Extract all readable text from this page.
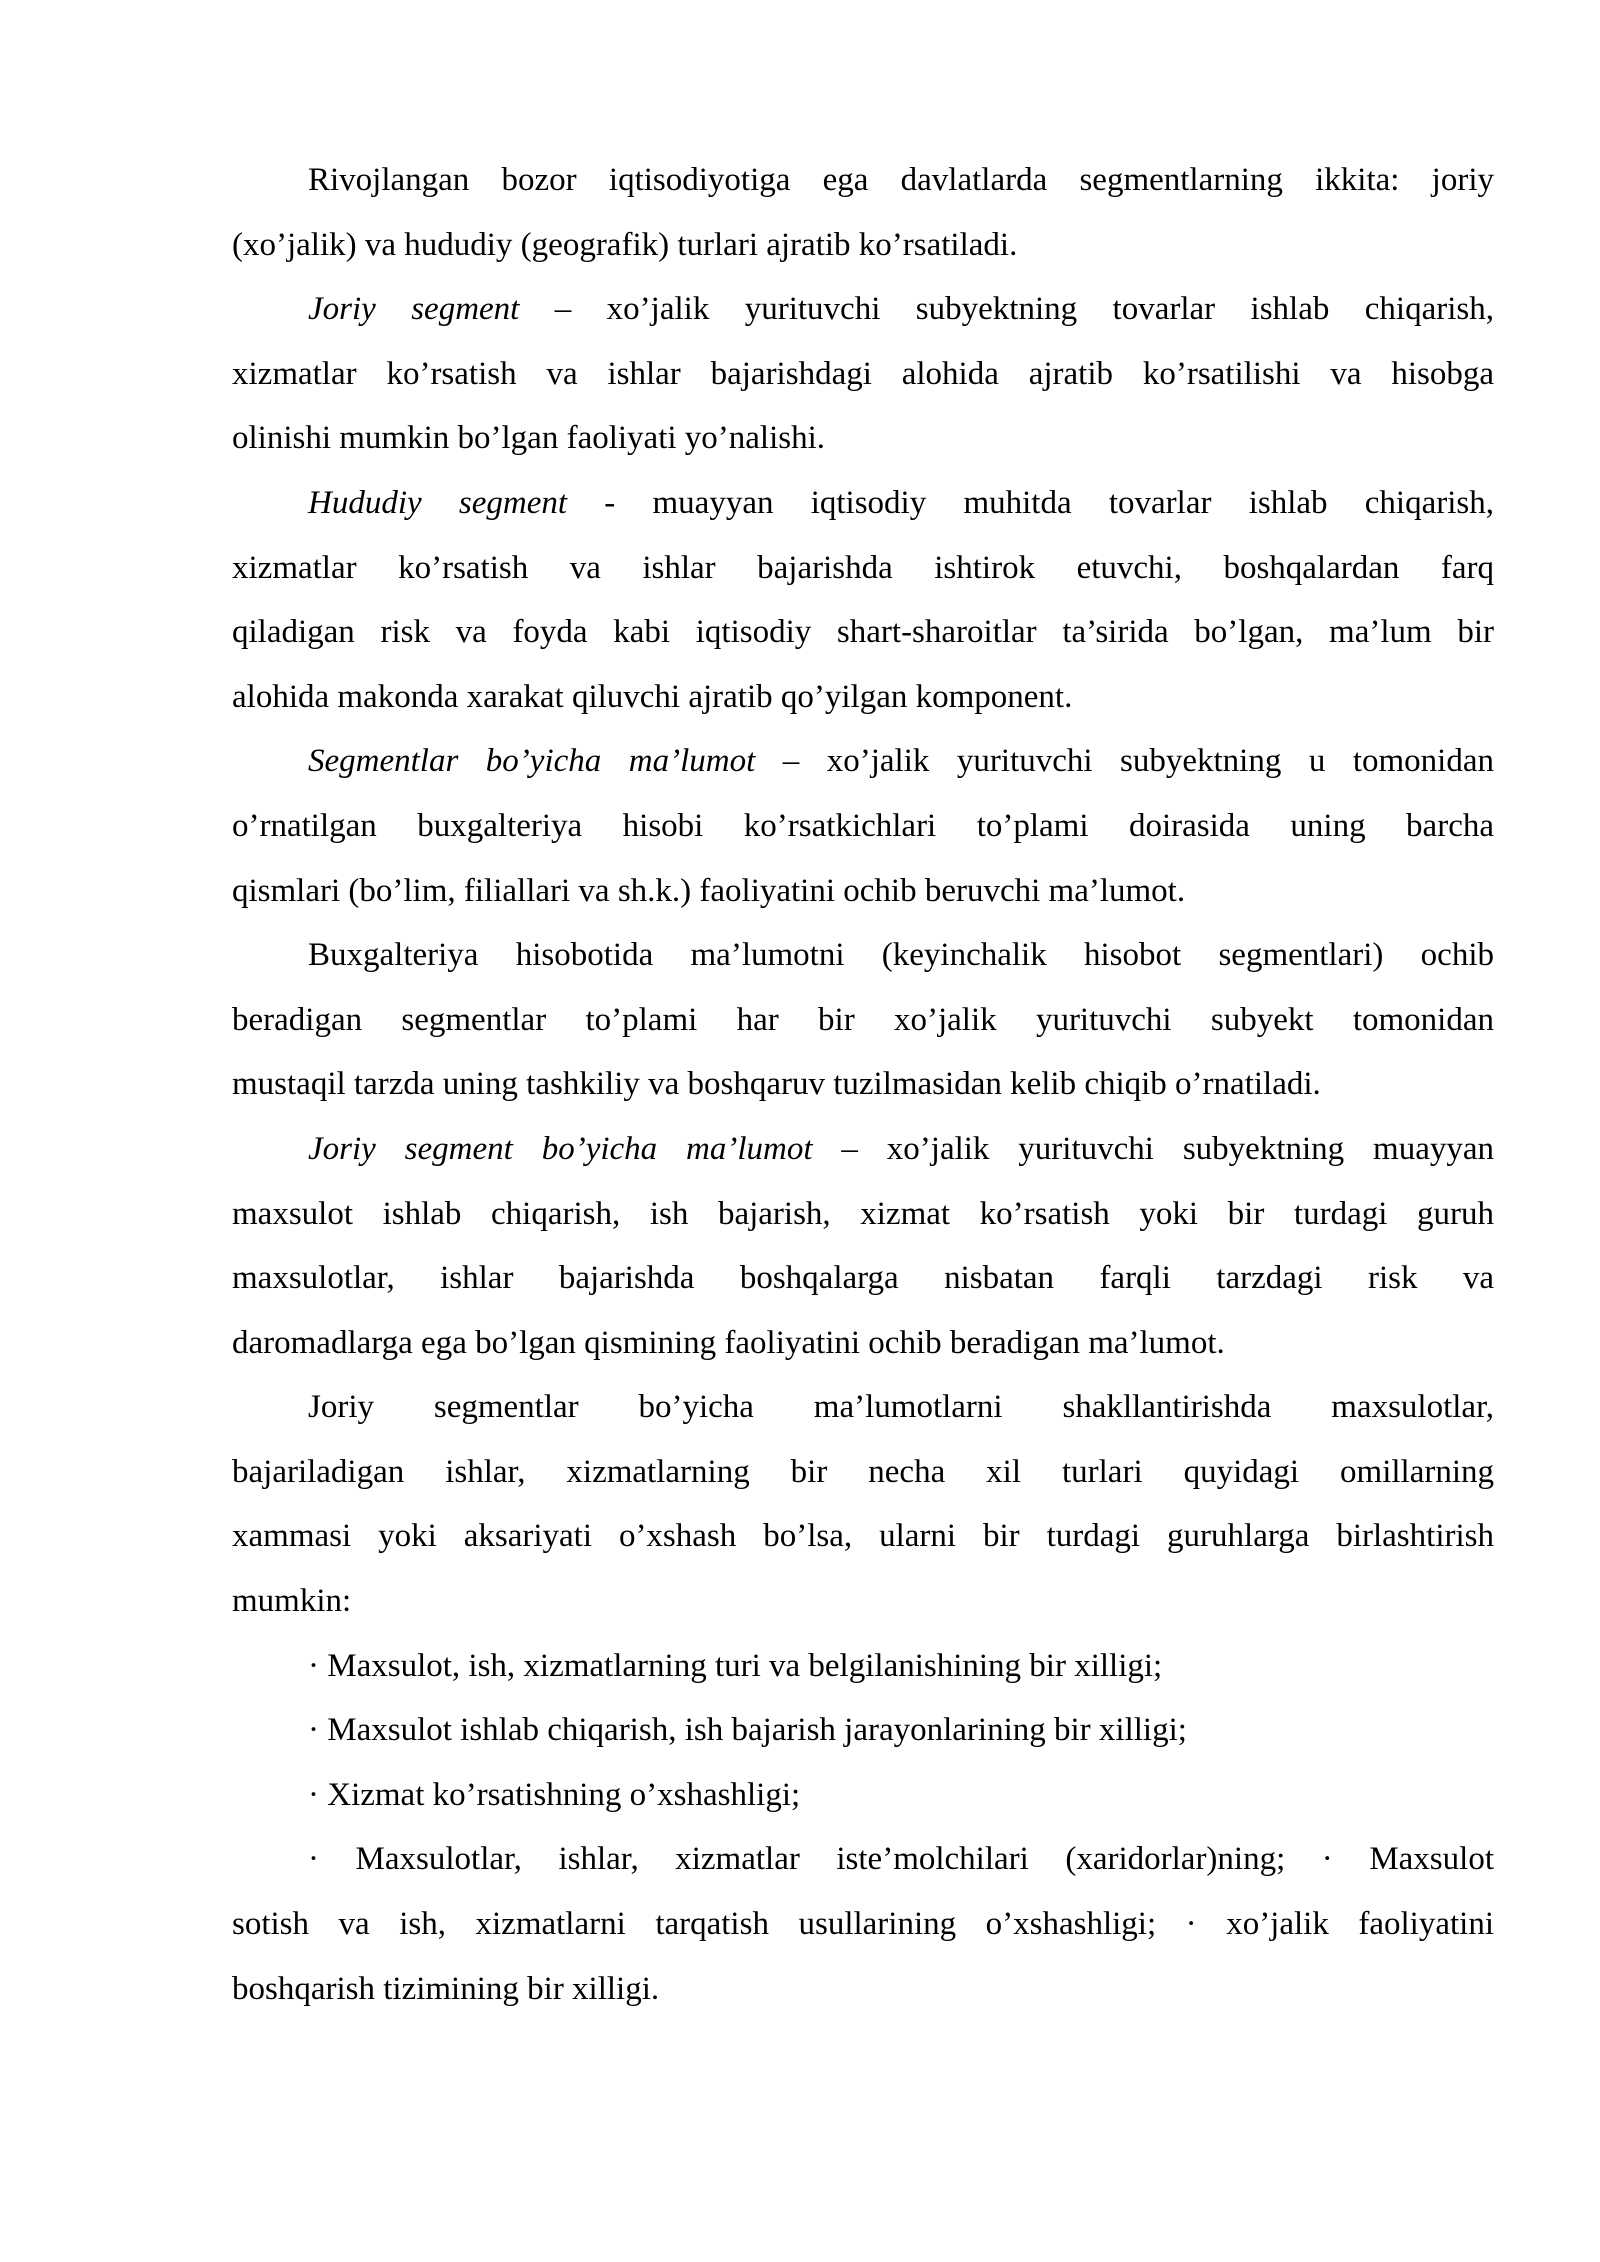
Rivojlangan bozor iqtisodiyotiga ega davlatlarda segmentlarning ikkita: joriy
(xo’jalik) va hududiy (geografik) turlari ajratib ko’rsatiladi.
Joriy segment – xo’jalik yurituvchi subyektning tovarlar ishlab chiqarish,
xizmatlar ko’rsatish va ishlar bajarishdagi alohida ajratib ko’rsatilishi va hisobga
olinishi mumkin bo’lgan faoliyati yo’nalishi.
Hududiy segment - muayyan iqtisodiy muhitda tovarlar ishlab chiqarish,
xizmatlar ko’rsatish va ishlar bajarishda ishtirok etuvchi, boshqalardan farq
qiladigan risk va foyda kabi iqtisodiy shart-sharoitlar ta’sirida bo’lgan, ma’lum bir
alohida makonda xarakat qiluvchi ajratib qo’yilgan komponent.
Segmentlar bo’yicha ma’lumot – xo’jalik yurituvchi subyektning u tomonidan
o’rnatilgan buxgalteriya hisobi ko’rsatkichlari to’plami doirasida uning barcha
qismlari (bo’lim, filiallari va sh.k.) faoliyatini ochib beruvchi ma’lumot.
Buxgalteriya hisobotida ma’lumotni (keyinchalik hisobot segmentlari) ochib
beradigan segmentlar to’plami har bir xo’jalik yurituvchi subyekt tomonidan
mustaqil tarzda uning tashkiliy va boshqaruv tuzilmasidan kelib chiqib o’rnatiladi.
Joriy segment bo’yicha ma’lumot – xo’jalik yurituvchi subyektning muayyan
maxsulot ishlab chiqarish, ish bajarish, xizmat ko’rsatish yoki bir turdagi guruh
maxsulotlar, ishlar bajarishda boshqalarga nisbatan farqli tarzdagi risk va
daromadlarga ega bo’lgan qismining faoliyatini ochib beradigan ma’lumot.
Joriy segmentlar bo’yicha ma’lumotlarni shakllantirishda maxsulotlar,
bajariladigan ishlar, xizmatlarning bir necha xil turlari quyidagi omillarning
xammasi yoki aksariyati o’xshash bo’lsa, ularni bir turdagi guruhlarga birlashtirish
mumkin:
· Maxsulot, ish, xizmatlarning turi va belgilanishining bir xilligi;
· Maxsulot ishlab chiqarish, ish bajarish jarayonlarining bir xilligi;
· Xizmat ko’rsatishning o’xshashligi;
· Maxsulotlar, ishlar, xizmatlar iste’molchilari (xaridorlar)ning; · Maxsulot
sotish va ish, xizmatlarni tarqatish usullarining o’xshashligi; · xo’jalik faoliyatini
boshqarish tizimining bir xilligi.
